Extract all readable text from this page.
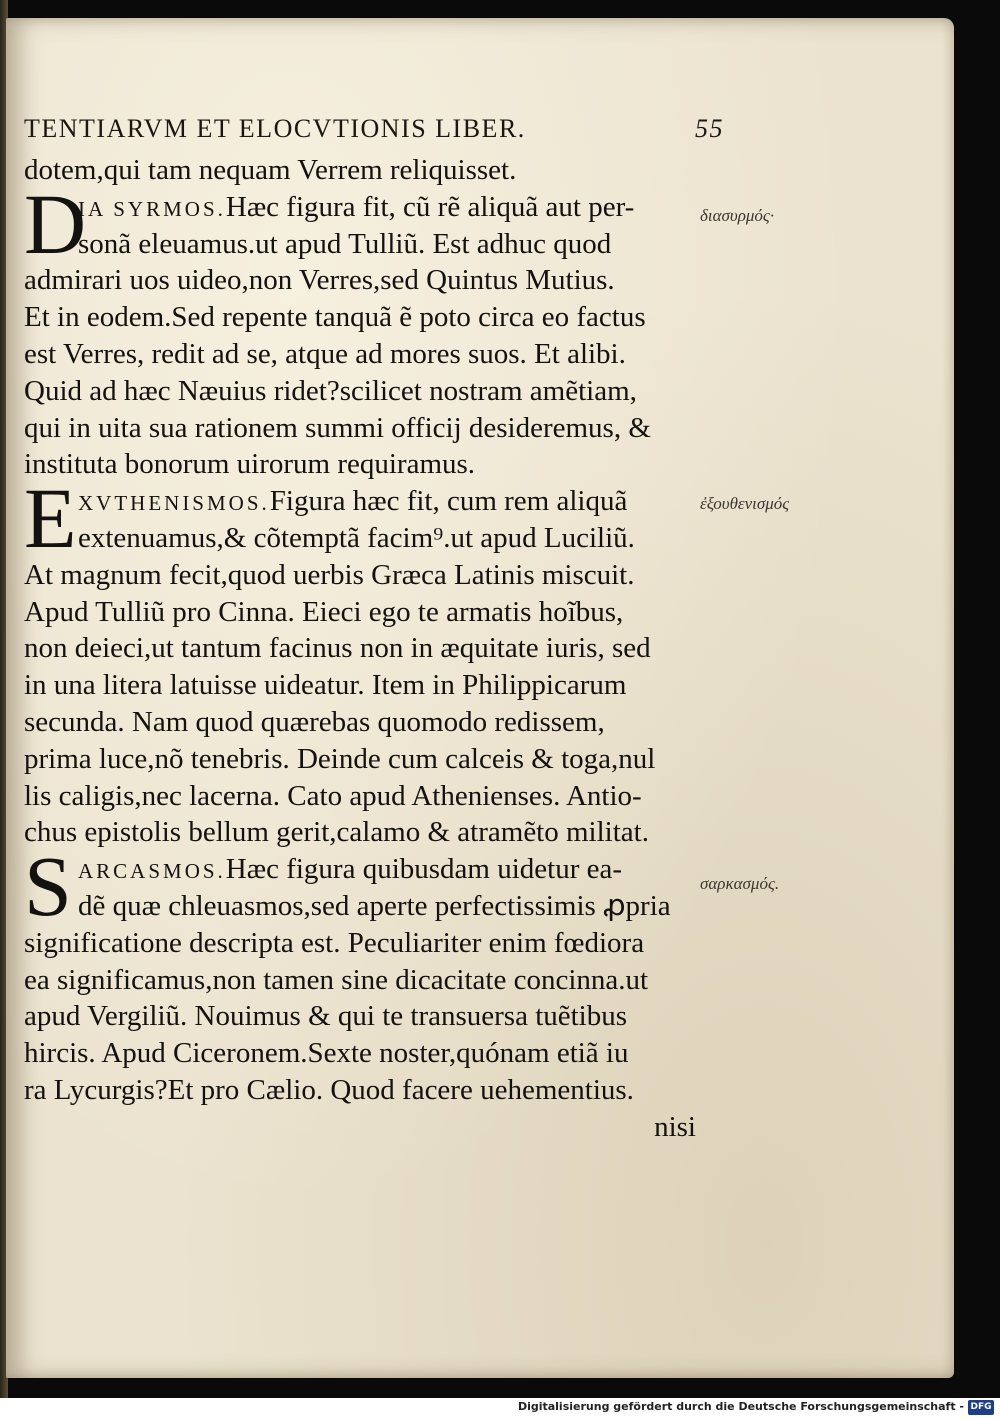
TENTIARVM ET ELOCVTIONIS LIBER.	55
διασυρμός·
ἐξουθενισμός
σαρκασμός.
dotem,qui tam nequam Verrem reliquisset.
D
IA SYRMOS.Hæc figura fit, cũ rẽ aliquã aut per-
sonã eleuamus.ut apud Tulliũ. Est adhuc quod
admirari uos uideo,non Verres,sed Quintus Mutius.
Et in eodem.Sed repente tanquã ẽ poto circa eo factus
est Verres, redit ad se, atque ad mores suos. Et alibi.
Quid ad hæc Næuius ridet?scilicet nostram amẽtiam,
qui in uita sua rationem summi officij desideremus, &
instituta bonorum uirorum requiramus.
E XVTHENISMOS.Figura hæc fit, cum rem aliquã
extenuamus,& cõtemptã facim⁹.ut apud Luciliũ.
At magnum fecit,quod uerbis Græca Latinis miscuit.
Apud Tulliũ pro Cinna. Eieci ego te armatis hoĩbus,
non deieci,ut tantum facinus non in æquitate iuris, sed
in una litera latuisse uideatur. Item in Philippicarum
secunda. Nam quod quærebas quomodo redissem,
prima luce,nõ tenebris. Deinde cum calceis & toga,nul
lis caligis,nec lacerna. Cato apud Athenienses. Antio-
chus epistolis bellum gerit,calamo & atramẽto militat.
S ARCASMOS.Hæc figura quibusdam uidetur ea-
dẽ quæ chleuasmos,sed aperte perfectissimis ꝓpria
significatione descripta est. Peculiariter enim fœdiora
ea significamus,non tamen sine dicacitate concinna.ut
apud Vergiliũ. Nouimus & qui te transuersa tuẽtibus
hircis. Apud Ciceronem.Sexte noster,quónam etiã iu
ra Lycurgis?Et pro Cælio. Quod facere uehementius.
nisi
Digitalisierung gefördert durch die Deutsche Forschungsgemeinschaft - DFG
